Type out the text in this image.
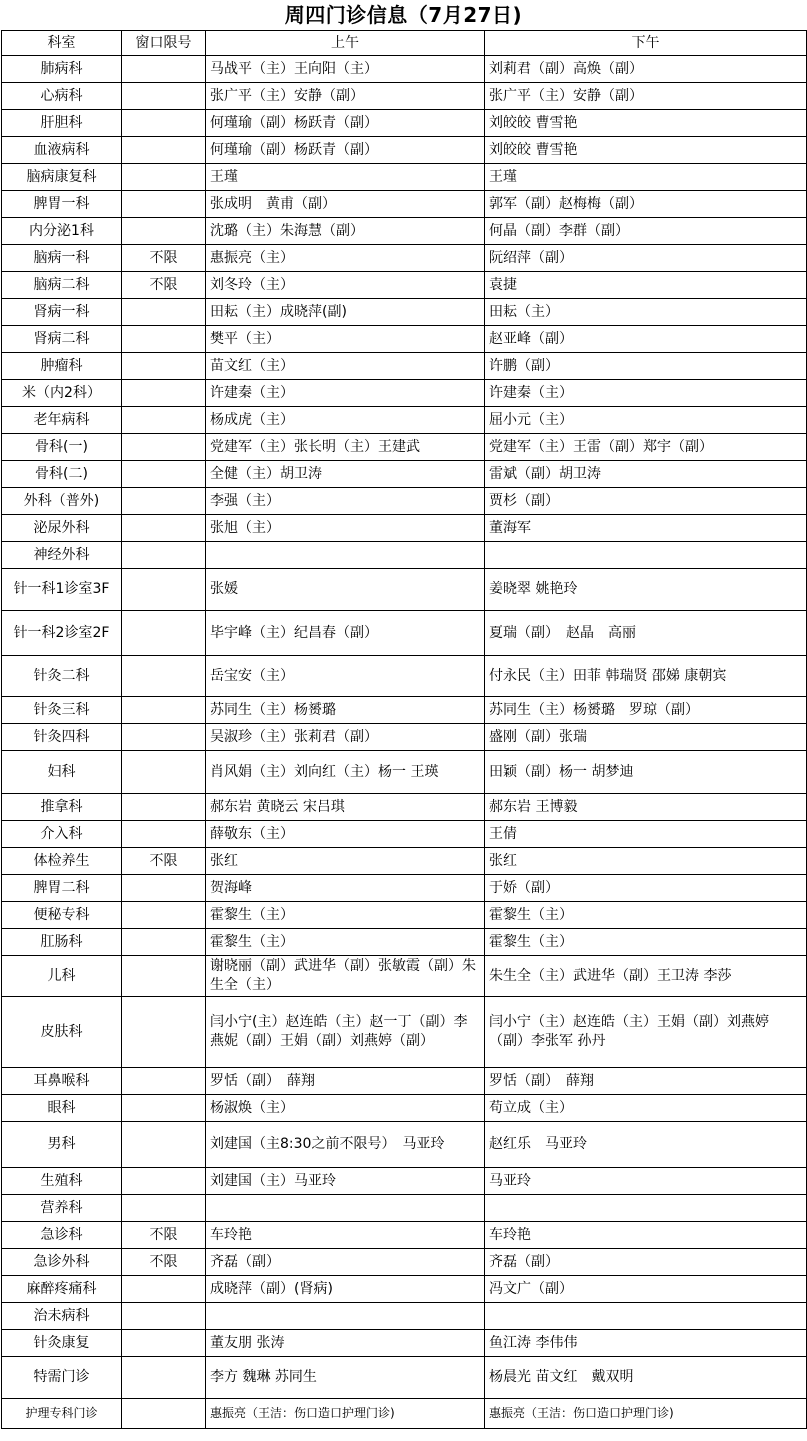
周四门诊信息（7月27日)
科室	窗口限号	上午	下午
肺病科		马战平（主）王向阳（主）	刘莉君（副）高焕（副）
心病科		张广平（主）安静（副）	张广平（主）安静（副）
肝胆科		何瑾瑜（副）杨跃青（副）	刘皎皎 曹雪艳
血液病科		何瑾瑜（副）杨跃青（副）	刘皎皎 曹雪艳
脑病康复科		王瑾	王瑾
脾胃一科		张成明　黄甫（副）	郭军（副）赵梅梅（副）
内分泌1科		沈璐（主）朱海慧（副）	何晶（副）李群（副）
脑病一科	不限	惠振亮（主）	阮绍萍（副）
脑病二科	不限	刘冬玲（主）	袁捷
肾病一科		田耘（主）成晓萍(副)	田耘（主）
肾病二科		樊平（主）	赵亚峰（副）
肿瘤科		苗文红（主）	许鹏（副）
米（内2科）		许建秦（主）	许建秦（主）
老年病科		杨成虎（主）	屈小元（主）
骨科(一)		党建军（主）张长明（主）王建武	党建军（主）王雷（副）郑宇（副）
骨科(二)		全健（主）胡卫涛	雷斌（副）胡卫涛
外科（普外)		李强（主）	贾杉（副）
泌尿外科		张旭（主）	董海军
神经外科			
针一科1诊室3F		张媛	姜晓翠 姚艳玲
针一科2诊室2F		毕宇峰（主）纪昌春（副）	夏瑞（副）　赵晶　高丽
针灸二科		岳宝安（主）	付永民（主）田菲 韩瑞贤 邵娣 康朝宾
针灸三科		苏同生（主）杨赟璐	苏同生（主）杨赟璐　罗琼（副）
针灸四科		吴淑珍（主）张莉君（副）	盛刚（副）张瑞
妇科		肖风娟（主）刘向红（主）杨一 王瑛	田颖（副）杨一 胡梦迪
推拿科		郝东岩 黄晓云 宋吕琪	郝东岩 王博毅
介入科		薛敬东（主）	王倩
体检养生	不限	张红	张红
脾胃二科		贺海峰	于娇（副）
便秘专科		霍黎生（主）	霍黎生（主）
肛肠科		霍黎生（主）	霍黎生（主）
儿科		谢晓丽（副）武进华（副）张敏霞（副）朱生全（主）	朱生全（主）武进华（副）王卫涛 李莎
皮肤科		闫小宁(主）赵连皓（主）赵一丁（副）李燕妮（副）王娟（副）刘燕婷（副）	闫小宁（主）赵连皓（主）王娟（副）刘燕婷（副）李张军 孙丹
耳鼻喉科		罗恬（副）　薛翔	罗恬（副）　薛翔
眼科		杨淑焕（主）	苟立成（主）
男科		刘建国（主8:30之前不限号）　马亚玲	赵红乐　马亚玲
生殖科		刘建国（主）马亚玲	马亚玲
营养科			
急诊科	不限	车玲艳	车玲艳
急诊外科	不限	齐磊（副）	齐磊（副）
麻醉疼痛科		成晓萍（副）(肾病)	冯文广（副）
治未病科			
针灸康复		董友朋 张涛	鱼江涛 李伟伟
特需门诊		李方 魏琳 苏同生	杨晨光 苗文红　戴双明
护理专科门诊		惠振亮（王洁：伤口造口护理门诊)	惠振亮（王洁：伤口造口护理门诊)
